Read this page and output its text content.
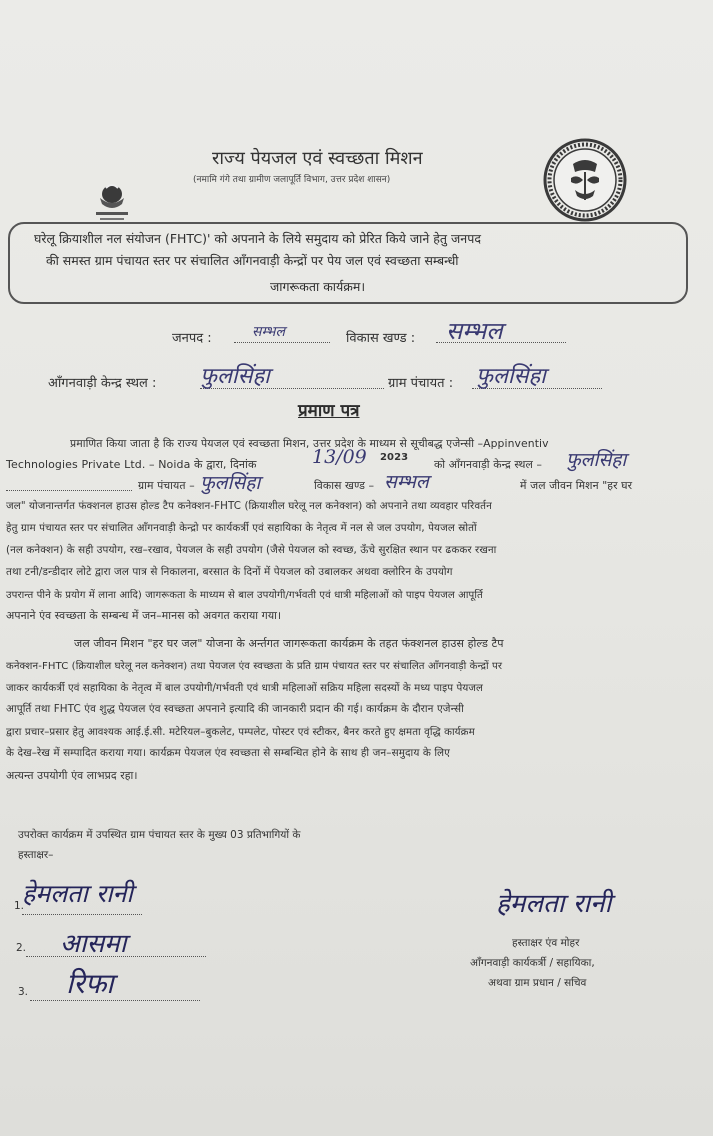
राज्य पेयजल एवं स्वच्छता मिशन
(नमामि गंगे तथा ग्रामीण जलापूर्ति विभाग, उत्तर प्रदेश शासन)
घरेलू क्रियाशील नल संयोजन (FHTC)' को अपनाने के लिये समुदाय को प्रेरित किये जाने हेतु जनपद
की समस्त ग्राम पंचायत स्तर पर संचालित आँगनवाड़ी केन्द्रों पर पेय जल एवं स्वच्छता सम्बन्धी
जागरूकता कार्यक्रम।
जनपद :	सम्भल	विकास खण्ड : सम्भल
आँगनवाड़ी केन्द्र स्थल : फुलसिंहा	ग्राम पंचायत : फुलसिंहा
प्रमाण पत्र
प्रमाणित किया जाता है कि राज्य पेयजल एवं स्वच्छता मिशन, उत्तर प्रदेश के माध्यम से सूचीबद्ध एजेन्सी –Appinventiv
Technologies Private Ltd. – Noida के द्वारा, दिनांक	13/09 2023
को आँगनवाड़ी केन्द्र स्थल – फुलसिंहा
ग्राम पंचायत – फुलसिंहा	विकास खण्ड – सम्भल	में जल जीवन मिशन "हर घर
जल" योजनान्तर्गत फंक्शनल हाउस होल्ड टैप कनेक्शन-FHTC (क्रियाशील घरेलू नल कनेक्शन) को अपनाने तथा व्यवहार परिवर्तन
हेतु ग्राम पंचायत स्तर पर संचालित आँगनवाड़ी केन्द्रो पर कार्यकर्त्री एवं सहायिका के नेतृत्व में नल से जल उपयोग, पेयजल स्रोतों
(नल कनेक्शन) के सही उपयोग, रख–रखाव, पेयजल के सही उपयोग (जैसे पेयजल को स्वच्छ, ऊँचे सुरक्षित स्थान पर ढककर रखना
तथा टनी/डन्डीदार लोटे द्वारा जल पात्र से निकालना, बरसात के दिनों में पेयजल को उबालकर अथवा क्लोरिन के उपयोग
उपरान्त पीने के प्रयोग में लाना आदि) जागरूकता के माध्यम से बाल उपयोगी/गर्भवती एवं धात्री महिलाओं को पाइप पेयजल आपूर्ति
अपनाने एंव स्वच्छता के सम्बन्ध में जन–मानस को अवगत कराया गया।
जल जीवन मिशन "हर घर जल" योजना के अर्न्तगत जागरूकता कार्यक्रम के तहत फंक्शनल हाउस होल्ड टैप
कनेक्शन-FHTC (क्रियाशील घरेलू नल कनेक्शन) तथा पेयजल एंव स्वच्छता के प्रति ग्राम पंचायत स्तर पर संचालित आँगनवाड़ी केन्द्रों पर
जाकर कार्यकर्त्री एवं सहायिका के नेतृत्व में बाल उपयोगी/गर्भवती एवं धात्री महिलाओं सक्रिय महिला सदस्यों के मध्य पाइप पेयजल
आपूर्ति तथा FHTC एंव शुद्ध पेयजल एंव स्वच्छता अपनाने इत्यादि की जानकारी प्रदान की गई। कार्यक्रम के दौरान एजेन्सी
द्वारा प्रचार–प्रसार हेतु आवश्यक आई.ई.सी. मटेरियल–बुकलेट, पम्पलेट, पोस्टर एवं स्टीकर, बैनर करते हुए क्षमता वृद्धि कार्यक्रम
के देख–रेख में सम्पादित कराया गया। कार्यक्रम पेयजल एंव स्वच्छता से सम्बन्धित होने के साथ ही जन–समुदाय के लिए
अत्यन्त उपयोगी एंव लाभप्रद रहा।
उपरोक्त कार्यक्रम में उपस्थित ग्राम पंचायत स्तर के मुख्य 03 प्रतिभागियों के
हस्ताक्षर–
1.
हेमलता रानी
2. आसमा
3. रिफा
हेमलता रानी
हस्ताक्षर एंव मोहर
आँगनवाड़ी कार्यकर्त्री / सहायिका,
अथवा ग्राम प्रधान / सचिव
